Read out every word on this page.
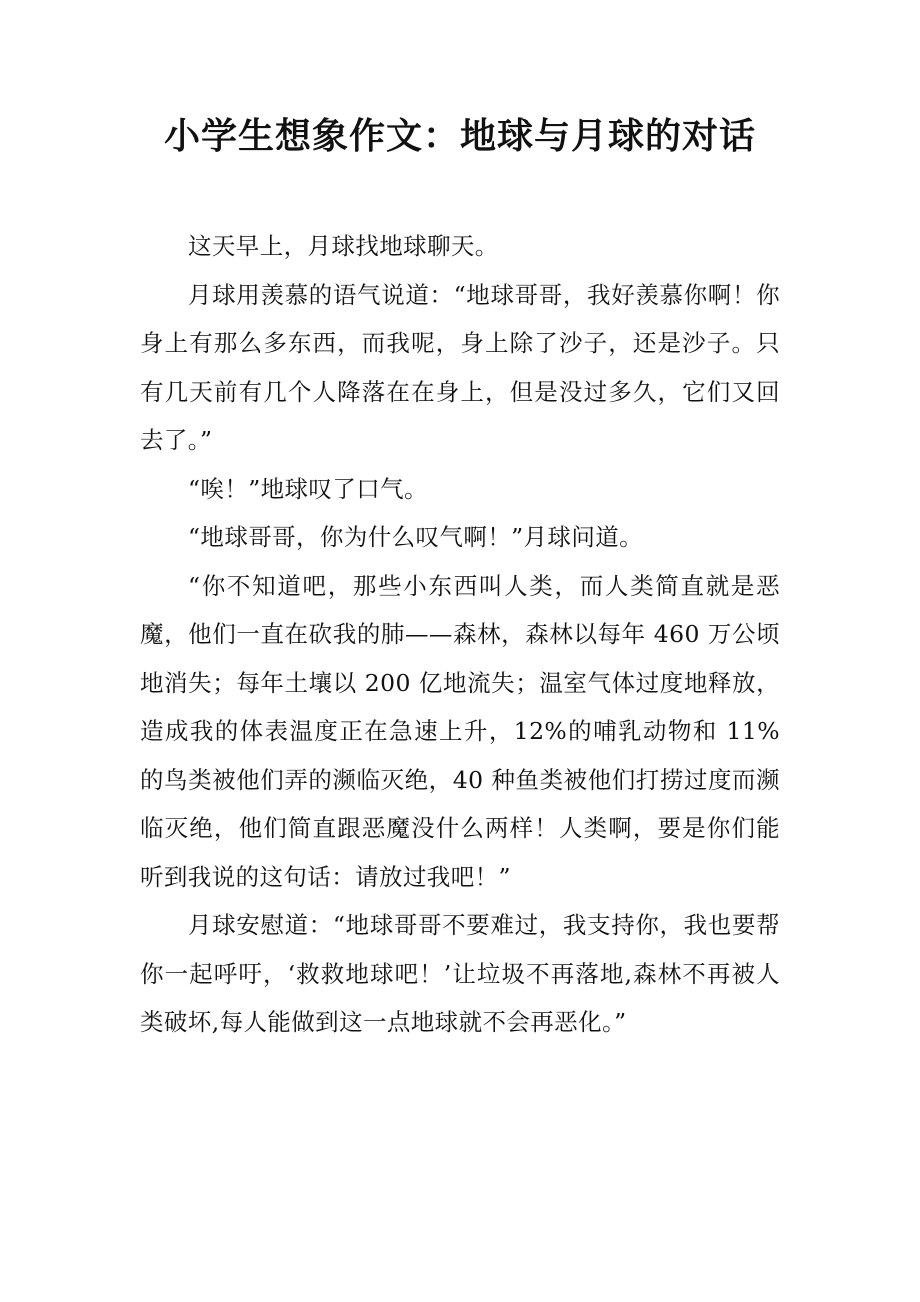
小学生想象作文：地球与月球的对话

这天早上，月球找地球聊天。

月球用羡慕的语气说道：“地球哥哥，我好羡慕你啊！你身上有那么多东西，而我呢，身上除了沙子，还是沙子。只有几天前有几个人降落在在身上，但是没过多久，它们又回去了。”

“唉！”地球叹了口气。

“地球哥哥，你为什么叹气啊！”月球问道。

“你不知道吧，那些小东西叫人类，而人类简直就是恶魔，他们一直在砍我的肺——森林，森林以每年 460 万公顷地消失；每年土壤以 200 亿地流失；温室气体过度地释放，造成我的体表温度正在急速上升，12%的哺乳动物和 11%的鸟类被他们弄的濒临灭绝，40 种鱼类被他们打捞过度而濒临灭绝，他们简直跟恶魔没什么两样！人类啊，要是你们能听到我说的这句话：请放过我吧！”

月球安慰道：“地球哥哥不要难过，我支持你，我也要帮你一起呼吁，‘救救地球吧！’让垃圾不再落地,森林不再被人类破坏,每人能做到这一点地球就不会再恶化。”
